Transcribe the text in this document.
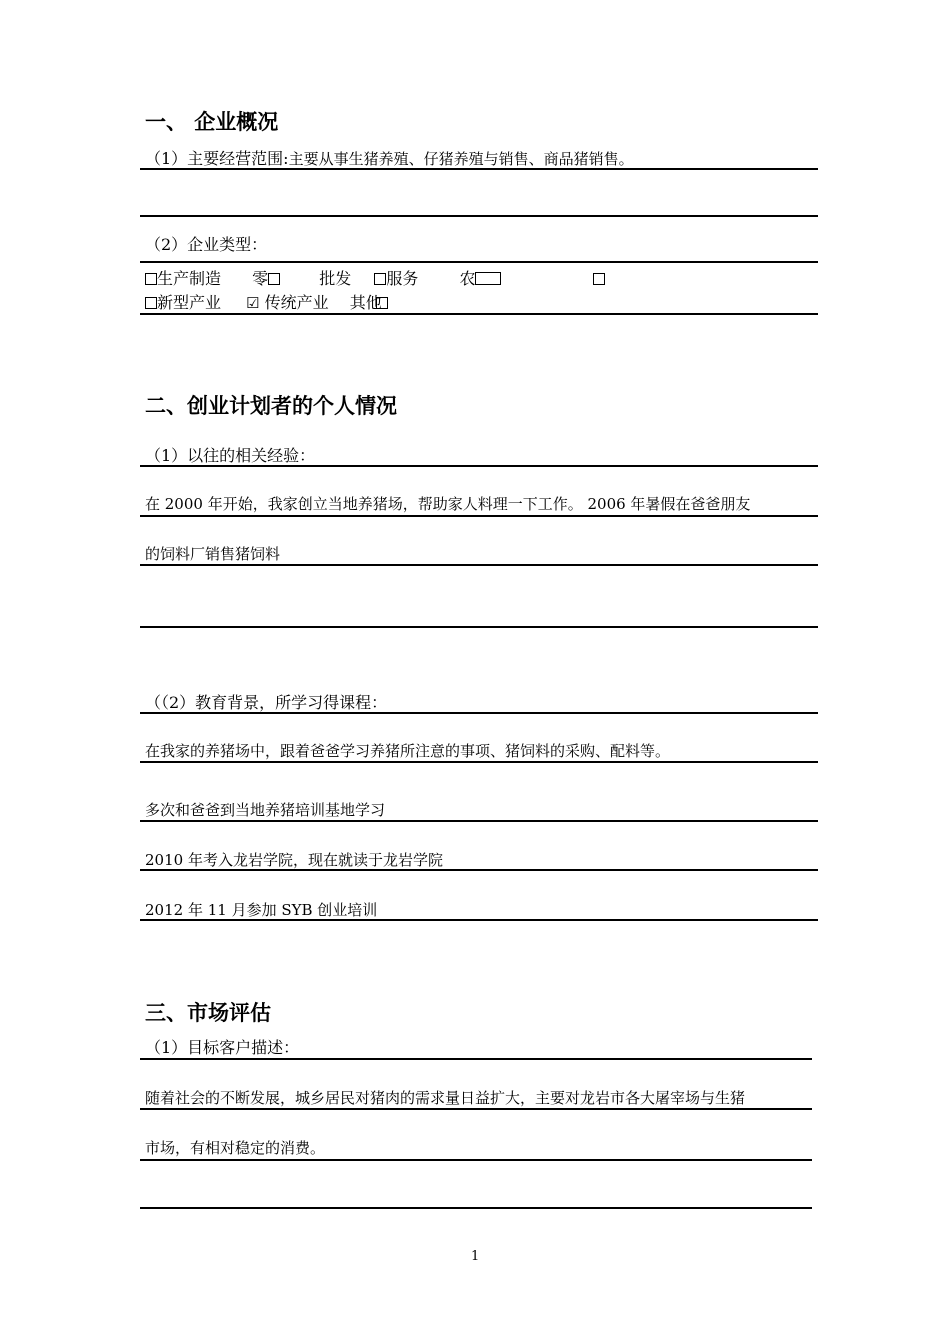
一、 企业概况
（1）主要经营范围:主要从事生猪养殖、仔猪养殖与销售、商品猪销售。
（2）企业类型：
生产制造 零	批发 服务	农
新型产业 ☑ 传统产业 其他
二、创业计划者的个人情况
（1）以往的相关经验：
在 2000 年开始，我家创立当地养猪场，帮助家人料理一下工作。 2006 年暑假在爸爸朋友
的饲料厂销售猪饲料
（（2）教育背景，所学习得课程：
在我家的养猪场中，跟着爸爸学习养猪所注意的事项、猪饲料的采购、配料等。
多次和爸爸到当地养猪培训基地学习
2010 年考入龙岩学院，现在就读于龙岩学院
2012 年 11 月参加 SYB 创业培训
三、市场评估
（1）目标客户描述：
随着社会的不断发展，城乡居民对猪肉的需求量日益扩大，主要对龙岩市各大屠宰场与生猪
市场，有相对稳定的消费。
1
